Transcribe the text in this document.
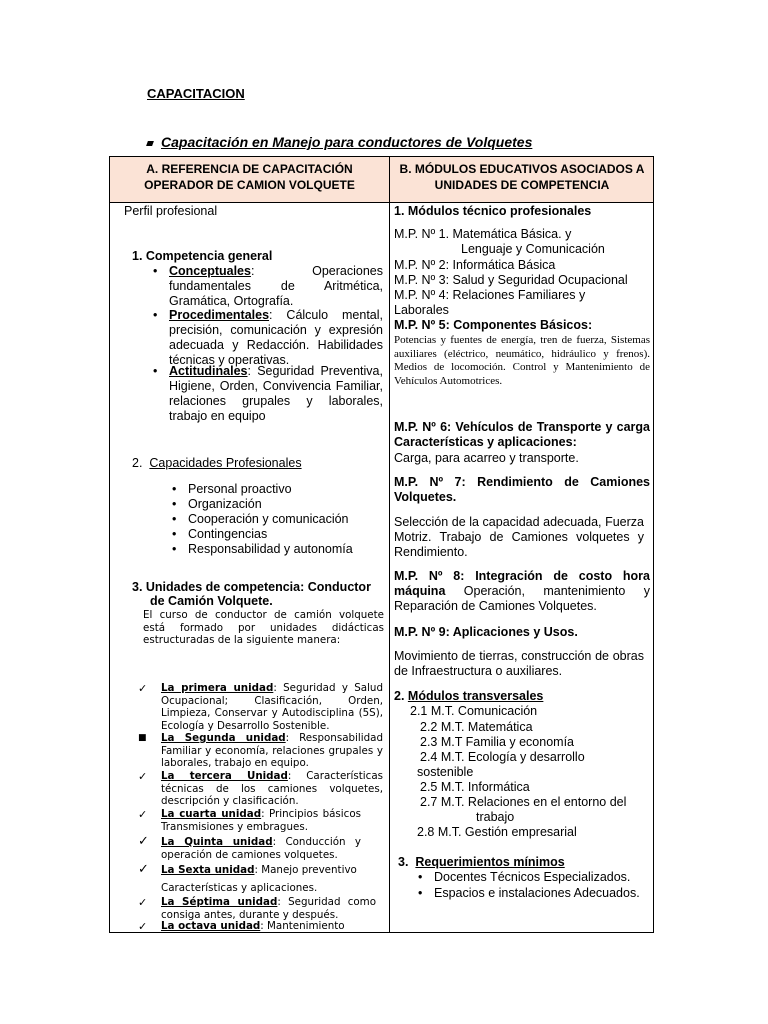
CAPACITACION
Capacitación en Manejo para conductores de Volquetes
A. REFERENCIA DE CAPACITACIÓN OPERADOR DE CAMION VOLQUETE
B. MÓDULOS EDUCATIVOS ASOCIADOS A UNIDADES DE COMPETENCIA
Perfil profesional
1. Competencia general
• Conceptuales: Operaciones fundamentales de Aritmética, Gramática, Ortografía.
• Procedimentales: Cálculo mental, precisión, comunicación y expresión adecuada y Redacción. Habilidades técnicas y operativas.
• Actitudinales: Seguridad Preventiva, Higiene, Orden, Convivencia Familiar, relaciones grupales y laborales, trabajo en equipo
2. Capacidades Profesionales
• Personal proactivo
• Organización
• Cooperación y comunicación
• Contingencias
• Responsabilidad y autonomía
3. Unidades de competencia: Conductor
de Camión Volquete.
El curso de conductor de camión volquete está formado por unidades didácticas estructuradas de la siguiente manera:
✓ La primera unidad: Seguridad y Salud Ocupacional; Clasificación, Orden, Limpieza, Conservar y Autodisciplina (5S), Ecología y Desarrollo Sostenible.
■ La Segunda unidad: Responsabilidad Familiar y economía, relaciones grupales y laborales, trabajo en equipo.
✓ La tercera Unidad: Características técnicas de los camiones volquetes, descripción y clasificación.
✓ La cuarta unidad: Principios básicos Transmisiones y embragues.
✓ La Quinta unidad: Conducción y operación de camiones volquetes.
✓ La Sexta unidad: Manejo preventivo
Características y aplicaciones.
✓ La Séptima unidad: Seguridad como consiga antes, durante y después.
✓ La octava unidad: Mantenimiento
1. Módulos técnico profesionales
M.P. Nº 1. Matemática Básica. y
Lenguaje y Comunicación
M.P. Nº 2: Informática Básica
M.P. Nº 3: Salud y Seguridad Ocupacional
M.P. Nº 4: Relaciones Familiares y
Laborales
M.P. Nº 5: Componentes Básicos:
Potencias y fuentes de energía, tren de fuerza, Sistemas auxiliares (eléctrico, neumático, hidráulico y frenos). Medios de locomoción. Control y Mantenimiento de Vehículos Automotrices.
M.P. Nº 6: Vehículos de Transporte y carga Características y aplicaciones:
Carga, para acarreo y transporte.
M.P. Nº 7: Rendimiento de Camiones Volquetes.
Selección de la capacidad adecuada, Fuerza Motriz. Trabajo de Camiones volquetes y Rendimiento.
M.P. Nº 8: Integración de costo hora máquina Operación, mantenimiento y Reparación de Camiones Volquetes.
M.P. Nº 9: Aplicaciones y Usos.
Movimiento de tierras, construcción de obras de Infraestructura o auxiliares.
2. Módulos transversales
2.1 M.T. Comunicación
2.2 M.T. Matemática
2.3 M.T Familia y economía
2.4 M.T. Ecología y desarrollo
sostenible
2.5 M.T. Informática
2.7 M.T. Relaciones en el entorno del
trabajo
2.8 M.T. Gestión empresarial
3. Requerimientos mínimos
• Docentes Técnicos Especializados.
• Espacios e instalaciones Adecuados.
